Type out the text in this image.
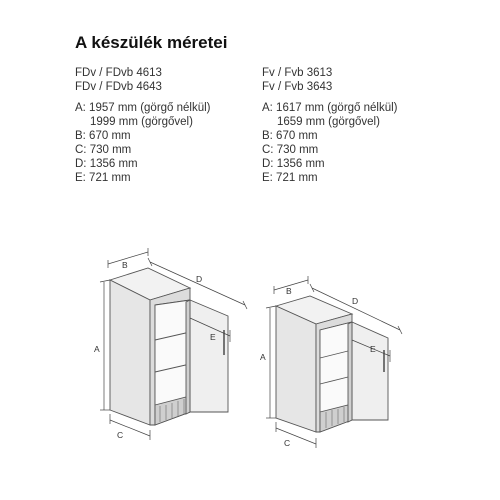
A készülék méretei
FDv / FDvb 4613
FDv / FDvb 4643
A: 1957 mm (görgő nélkül)
1999 mm (görgővel)
B: 670 mm
C: 730 mm
D: 1356 mm
E: 721 mm
Fv / Fvb 3613
Fv / Fvb 3643
A: 1617 mm (görgő nélkül)
1659 mm (görgővel)
B: 670 mm
C: 730 mm
D: 1356 mm
E: 721 mm
A
B
C
D
E
A
B
C
D
E
